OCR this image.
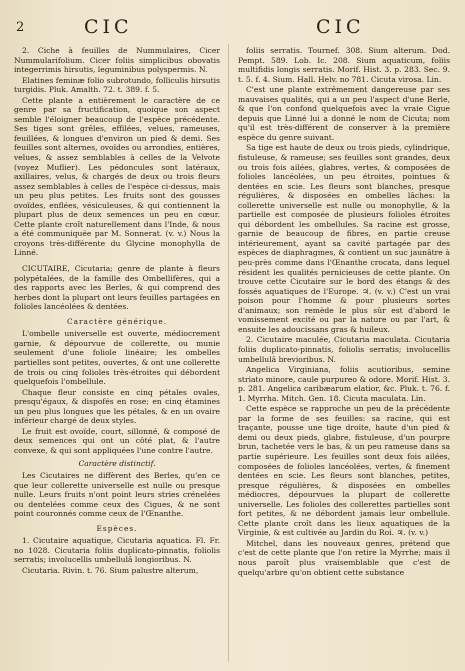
2	CIC	CIC

2. Ciche à feuilles de Nummulaires, Cicer Nummularifolium. Cicer foliis simplicibus obovatis integerrimis hirsutis, leguminibus polyspermis. N.

Elatines feminæ folio subrotundo, folliculis hirsutis turgidis. Pluk. Amalth. 72. t. 389. f. 5.

Cette plante a entièrement le caractère de ce genre par sa fructification, quoique son aspect semble l'éloigner beaucoup de l'espèce précédente. Ses tiges sont grêles, effilées, velues, rameuses, feuillées, & longues d'environ un pied & demi. Ses feuilles sont alternes, ovoïdes ou arrondies, entières, velues, & assez semblables à celles de la Velvote (voyez Muflier). Les pédoncules sont latéraux, axillaires, velus, & chargés de deux ou trois fleurs assez semblables à celles de l'espèce ci-dessus, mais un peu plus petites. Les fruits sont des gousses ovoïdes, enflées, vésiculeuses, & qui contiennent la plupart plus de deux semences un peu en cœur. Cette plante croît naturellement dans l'Inde, & nous a été communiquée par M. Sonnerat. (v. v.) Nous la croyons très-différente du Glycine monophylla de Linné.

CICUTAIRE, Cicutaria; genre de plante à fleurs polypétalées, de la famille des Ombellifères, qui a des rapports avec les Berles, & qui comprend des herbes dont la plupart ont leurs feuilles partagées en folioles lancéolées & dentées.

Caractère générique.

L'ombelle universelle est ouverte, médiocrement garnie, & dépourvue de collerette, ou munie seulement d'une foliole linéaire; les ombelles partielles sont petites, ouvertes, & ont une collerette de trois ou cinq folioles très-étroites qui débordent quelquefois l'ombellule.

Chaque fleur consiste en cinq pétales ovales, presqu'égaux, & dispofés en rose; en cinq étamines un peu plus longues que les pétales, & en un ovaire inférieur chargé de deux styles.

Le fruit est ovoïde, court, sillonné, & composé de deux semences qui ont un côté plat, & l'autre convexe, & qui sont appliquées l'une contre l'autre.

Caractère distinctif.

Les Cicutaires ne diffèrent des Berles, qu'en ce que leur collerette universelle est nulle ou presque nulle. Leurs fruits n'ont point leurs stries crénelées ou dentelées comme ceux des Cigues, & ne sont point couronnés comme ceux de l'Œnanthe.

Espèces.

1. Cicutaire aquatique, Cicutaria aquatica. Fl. Fr. no 1028. Cicutaria foliis duplicato-pinnatis, foliolis serratis; involucellis umbellulâ longioribus. N.

Cicutaria. Rivin. t. 76. Sium palustre alterum,

foliis serratis. Tournef. 308. Sium alterum. Dod. Pempt. 589. Lob. Ic. 208. Sium aquaticum, foliis multifidis longis serratis. Morif. Hist. 3. p. 283. Sec. 9. t. 5. f. 4. Sium. Hall. Helv. no 781. Cicuta virosa. Lin.

C'est une plante extrêmement dangereuse par ses mauvaises qualités, qui a un peu l'aspect d'une Berle, & que l'on confond quelquefois avec la vraie Cigue depuis que Linné lui a donné le nom de Cicuta; nom qu'il est très-différent de conserver à la première espèce du genre suivant.

Sa tige est haute de deux ou trois pieds, cylindrique, fistuleuse, & rameuse; ses feuilles sont grandes, deux ou trois fois ailées, glabres, vertes, & composées de folioles lancéolées, un peu étroites, pointues & dentées en scie. Les fleurs sont blanches, presque régulières, & disposées en ombelles lâches: la collerette universelle est nulle ou monophylle, & la partielle est composée de plusieurs folioles étroites qui débordent les ombellules. Sa racine est grosse, garnie de beaucoup de fibres, en partie creuse intérieurement, ayant sa cavité partagée par des espèces de diaphragmes, & contient un suc jaunâtre à peu-près comme dans l'Œnanthe crocata, dans lequel résident les qualités pernicieuses de cette plante. On trouve cette Cicutaire sur le bord des étangs & des fossés aquatiques de l'Europe. ♃. (v. v.) C'est un vrai poison pour l'homme & pour plusieurs sortes d'animaux; son remède le plus sûr est d'abord le vomissement excité ou par la nature ou par l'art, & ensuite les adoucissans gras & huileux.

2. Cicutaire maculée, Cicutaria maculata. Cicutaria foliis duplicato-pinnatis, foliolis serratis; involucellis umbellulâ brevioribus. N.

Angelica Virginiana, foliis acutioribus, semine striato minore, caule purpureo & odore. Morif. Hist. 3. p. 281. Angelica caribæarum elatior, &c. Pluk. t. 76. f. 1. Myrrha. Mitch. Gen. 18. Cicuta maculata. Lin.

Cette espèce se rapproche un peu de la précédente par la forme de ses feuilles: sa racine, qui est traçante, pousse une tige droite, haute d'un pied & demi ou deux pieds, glabre, fistuleuse, d'un pourpre brun, tachetée vers le bas, & un peu rameuse dans sa partie supérieure. Les feuilles sont deux fois ailées, composées de folioles lancéolées, vertes, & finement dentées en scie. Les fleurs sont blanches, petites, presque régulières, & disposées en ombelles médiocres, dépourvues la plupart de collerette universelle. Les folioles des collerettes partielles sont fort petites, & ne débordent jamais leur ombellule. Cette plante croît dans les lieux aquatiques de la Virginie, & est cultivée au Jardin du Roi. ♃. (v. v.)

Mitchel, dans les nouveaux genres, prétend que c'est de cette plante que l'on retire la Myrrhe; mais il nous paroît plus vraisemblable que c'est de quelqu'arbre qu'on obtient cette substance
